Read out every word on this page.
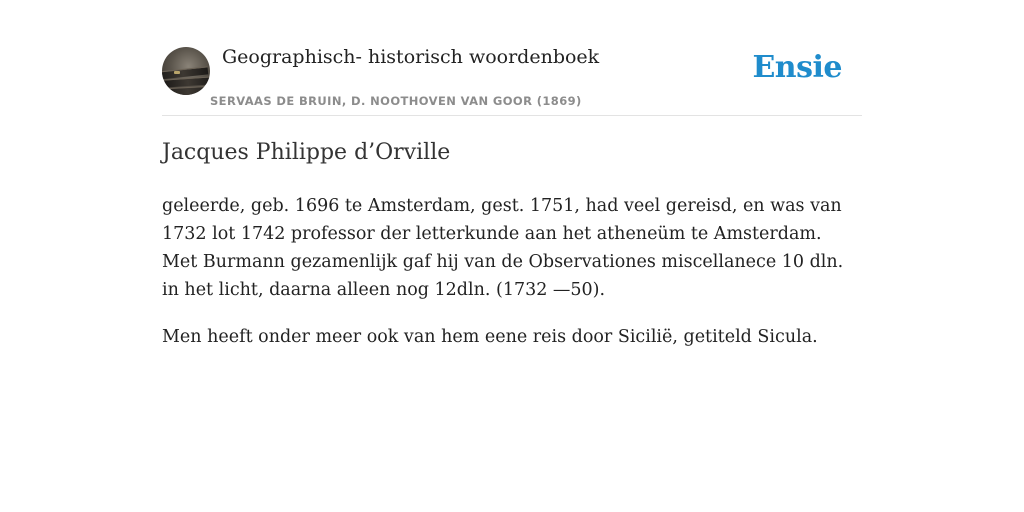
Geographisch- historisch woordenboek
SERVAAS DE BRUIN, D. NOOTHOVEN VAN GOOR (1869)
Ensie
Jacques Philippe d’Orville

geleerde, geb. 1696 te Amsterdam, gest. 1751, had veel gereisd, en was van 1732 lot 1742 professor der letterkunde aan het atheneüm te Amsterdam. Met Burmann gezamenlijk gaf hij van de Observationes miscellanece 10 dln. in het licht, daarna alleen nog 12dln. (1732 —50).

Men heeft onder meer ook van hem eene reis door Sicilië, getiteld Sicula.
